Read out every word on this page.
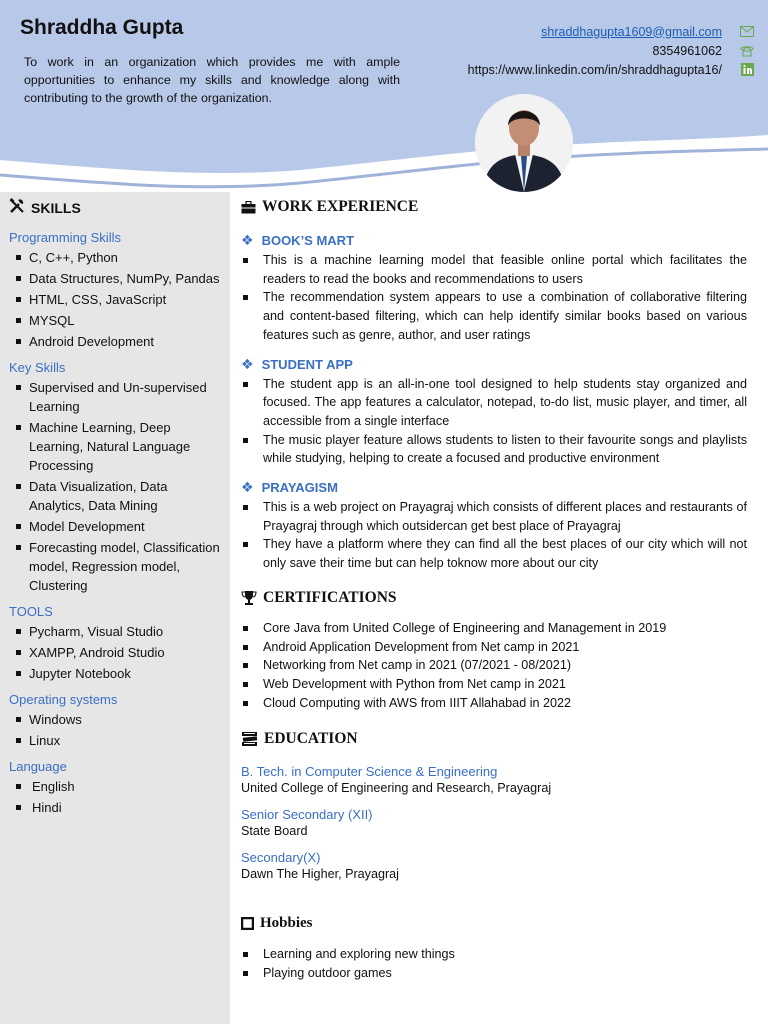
Shraddha Gupta
To work in an organization which provides me with ample opportunities to enhance my skills and knowledge along with contributing to the growth of the organization.
shraddhagupta1609@gmail.com
8354961062
https://www.linkedin.com/in/shraddhagupta16/
SKILLS
Programming Skills
C, C++, Python
Data Structures, NumPy, Pandas
HTML, CSS, JavaScript
MYSQL
Android Development
Key Skills
Supervised and Un-supervised Learning
Machine Learning, Deep Learning, Natural Language Processing
Data Visualization, Data Analytics, Data Mining
Model Development
Forecasting model, Classification model, Regression model, Clustering
TOOLS
Pycharm, Visual Studio
XAMPP, Android Studio
Jupyter Notebook
Operating systems
Windows
Linux
Language
English
Hindi
WORK EXPERIENCE
❖ BOOK’S MART
This is a machine learning model that feasible online portal which facilitates the readers to read the books and recommendations to users
The recommendation system appears to use a combination of collaborative filtering and content-based filtering, which can help identify similar books based on various features such as genre, author, and user ratings
❖ STUDENT APP
The student app is an all-in-one tool designed to help students stay organized and focused. The app features a calculator, notepad, to-do list, music player, and timer, all accessible from a single interface
The music player feature allows students to listen to their favourite songs and playlists while studying, helping to create a focused and productive environment
❖ PRAYAGISM
This is a web project on Prayagraj which consists of different places and restaurants of Prayagraj through which outsidercan get best place of Prayagraj
They have a platform where they can find all the best places of our city which will not only save their time but can help toknow more about our city
CERTIFICATIONS
Core Java from United College of Engineering and Management in 2019
Android Application Development from Net camp in 2021
Networking from Net camp in 2021 (07/2021 - 08/2021)
Web Development with Python from Net camp in 2021
Cloud Computing with AWS from IIIT Allahabad in 2022
EDUCATION
B. Tech. in Computer Science & Engineering
United College of Engineering and Research, Prayagraj
Senior Secondary (XII)
State Board
Secondary(X)
Dawn The Higher, Prayagraj
Hobbies
Learning and exploring new things
Playing outdoor games
